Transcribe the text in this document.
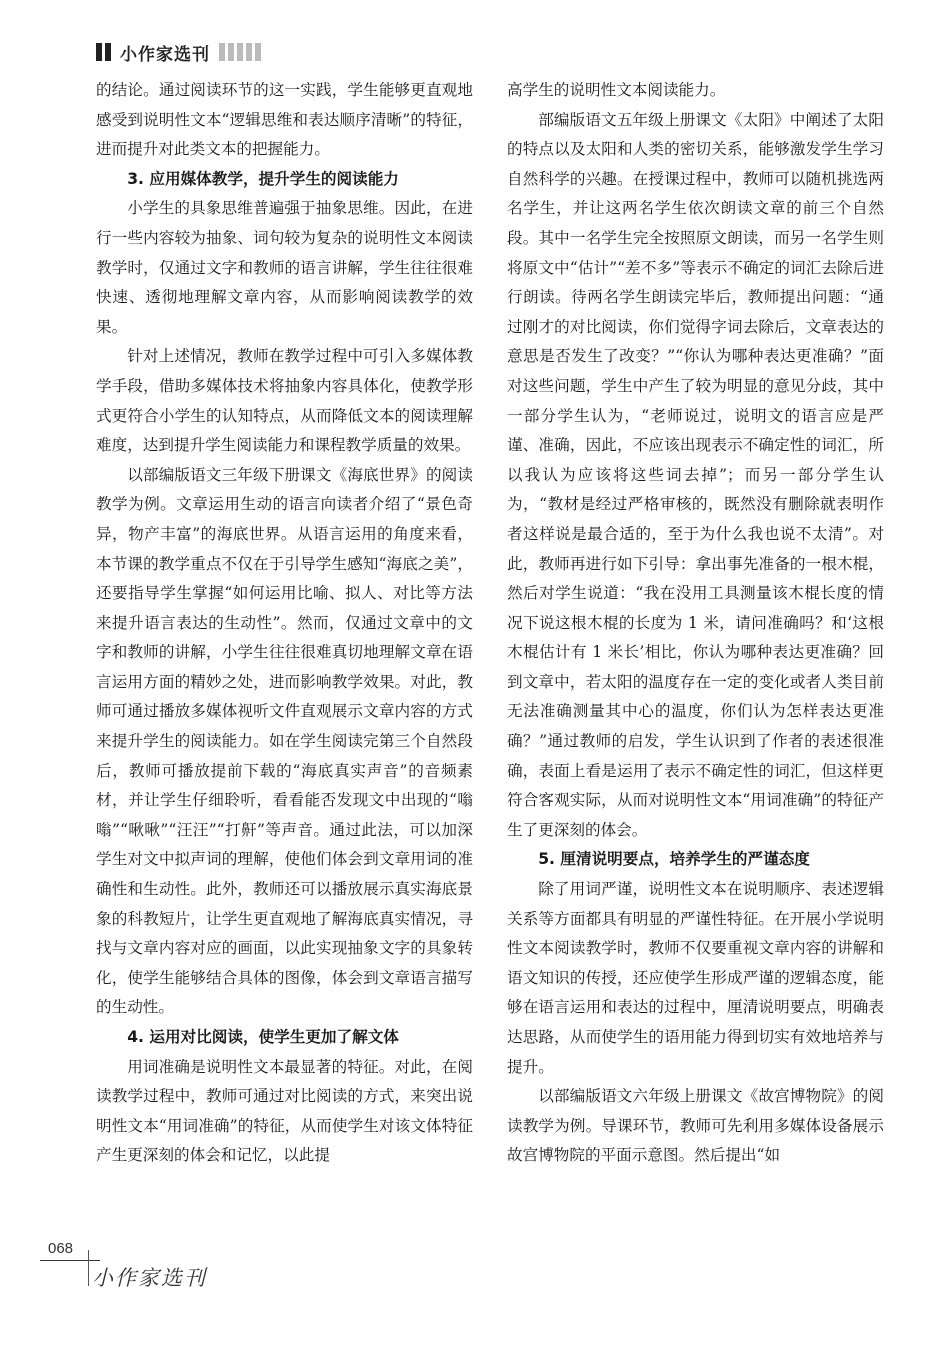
小作家选刊

的结论。通过阅读环节的这一实践，学生能够更直观地感受到说明性文本“逻辑思维和表达顺序清晰”的特征，进而提升对此类文本的把握能力。

3. 应用媒体教学，提升学生的阅读能力

小学生的具象思维普遍强于抽象思维。因此，在进行一些内容较为抽象、词句较为复杂的说明性文本阅读教学时，仅通过文字和教师的语言讲解，学生往往很难快速、透彻地理解文章内容，从而影响阅读教学的效果。

针对上述情况，教师在教学过程中可引入多媒体教学手段，借助多媒体技术将抽象内容具体化，使教学形式更符合小学生的认知特点，从而降低文本的阅读理解难度，达到提升学生阅读能力和课程教学质量的效果。

以部编版语文三年级下册课文《海底世界》的阅读教学为例。文章运用生动的语言向读者介绍了“景色奇异，物产丰富”的海底世界。从语言运用的角度来看，本节课的教学重点不仅在于引导学生感知“海底之美”，还要指导学生掌握“如何运用比喻、拟人、对比等方法来提升语言表达的生动性”。然而，仅通过文章中的文字和教师的讲解，小学生往往很难真切地理解文章在语言运用方面的精妙之处，进而影响教学效果。对此，教师可通过播放多媒体视听文件直观展示文章内容的方式来提升学生的阅读能力。如在学生阅读完第三个自然段后，教师可播放提前下载的“海底真实声音”的音频素材，并让学生仔细聆听，看看能否发现文中出现的“嗡嗡”“啾啾”“汪汪”“打鼾”等声音。通过此法，可以加深学生对文中拟声词的理解，使他们体会到文章用词的准确性和生动性。此外，教师还可以播放展示真实海底景象的科教短片，让学生更直观地了解海底真实情况，寻找与文章内容对应的画面，以此实现抽象文字的具象转化，使学生能够结合具体的图像，体会到文章语言描写的生动性。

4. 运用对比阅读，使学生更加了解文体

用词准确是说明性文本最显著的特征。对此，在阅读教学过程中，教师可通过对比阅读的方式，来突出说明性文本“用词准确”的特征，从而使学生对该文体特征产生更深刻的体会和记忆，以此提

高学生的说明性文本阅读能力。

部编版语文五年级上册课文《太阳》中阐述了太阳的特点以及太阳和人类的密切关系，能够激发学生学习自然科学的兴趣。在授课过程中，教师可以随机挑选两名学生，并让这两名学生依次朗读文章的前三个自然段。其中一名学生完全按照原文朗读，而另一名学生则将原文中“估计”“差不多”等表示不确定的词汇去除后进行朗读。待两名学生朗读完毕后，教师提出问题：“通过刚才的对比阅读，你们觉得字词去除后，文章表达的意思是否发生了改变？”“你认为哪种表达更准确？”面对这些问题，学生中产生了较为明显的意见分歧，其中一部分学生认为，“老师说过，说明文的语言应是严谨、准确，因此，不应该出现表示不确定性的词汇，所以我认为应该将这些词去掉”；而另一部分学生认为，“教材是经过严格审核的，既然没有删除就表明作者这样说是最合适的，至于为什么我也说不太清”。对此，教师再进行如下引导：拿出事先准备的一根木棍，然后对学生说道：“我在没用工具测量该木棍长度的情况下说这根木棍的长度为 1 米，请问准确吗？和‘这根木棍估计有 1 米长’相比，你认为哪种表达更准确？回到文章中，若太阳的温度存在一定的变化或者人类目前无法准确测量其中心的温度，你们认为怎样表达更准确？”通过教师的启发，学生认识到了作者的表述很准确，表面上看是运用了表示不确定性的词汇，但这样更符合客观实际，从而对说明性文本“用词准确”的特征产生了更深刻的体会。

5. 厘清说明要点，培养学生的严谨态度

除了用词严谨，说明性文本在说明顺序、表述逻辑关系等方面都具有明显的严谨性特征。在开展小学说明性文本阅读教学时，教师不仅要重视文章内容的讲解和语文知识的传授，还应使学生形成严谨的逻辑态度，能够在语言运用和表达的过程中，厘清说明要点，明确表达思路，从而使学生的语用能力得到切实有效地培养与提升。

以部编版语文六年级上册课文《故宫博物院》的阅读教学为例。导课环节，教师可先利用多媒体设备展示故宫博物院的平面示意图。然后提出“如

068
小作家选刊
